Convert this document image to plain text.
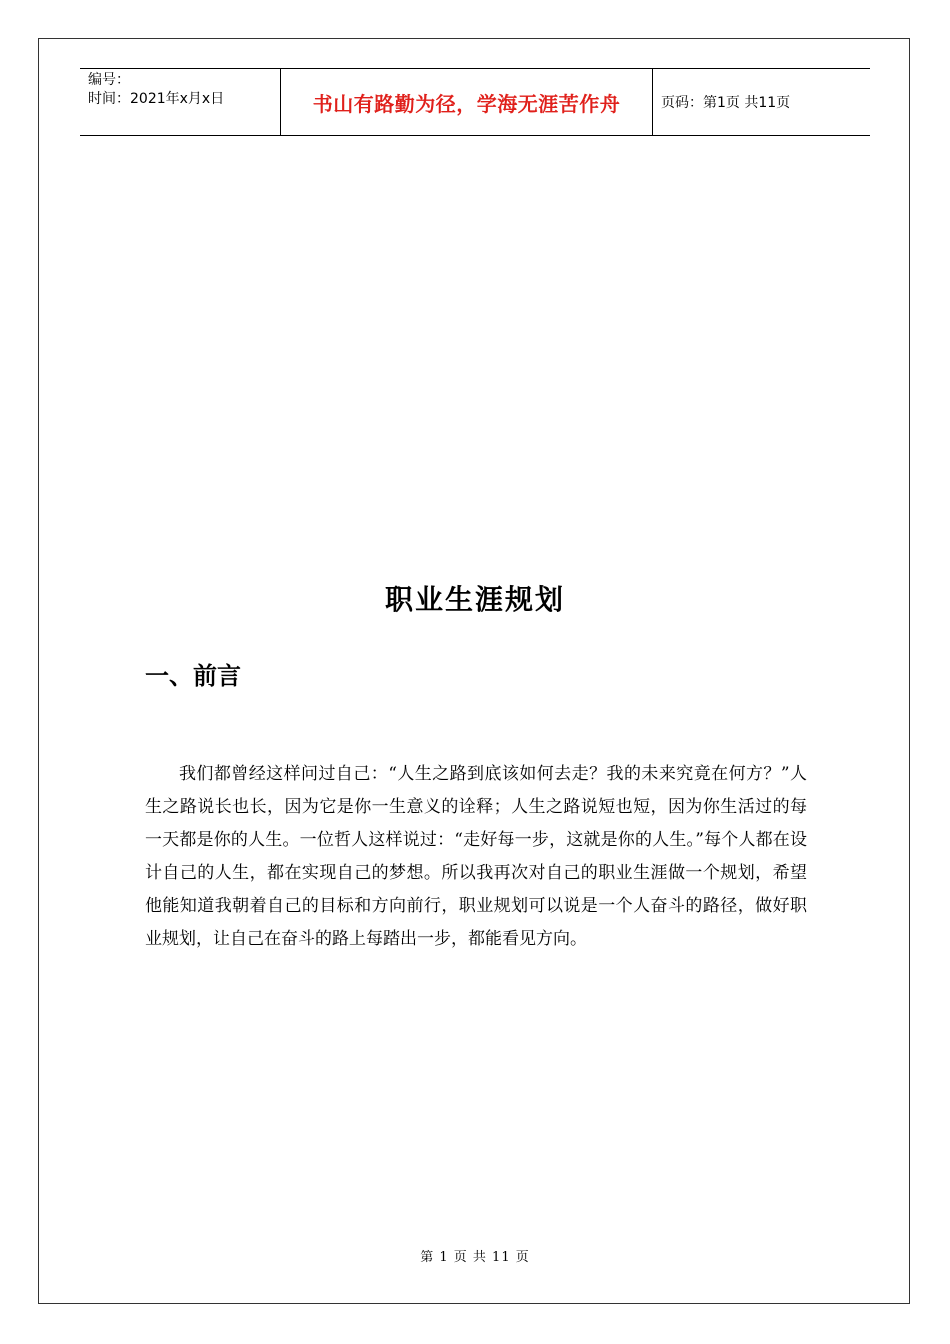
编号：
时间：2021年x月x日	书山有路勤为径，学海无涯苦作舟	页码：第1页 共11页
职业生涯规划
一、前言
我们都曾经这样问过自己：“人生之路到底该如何去走？我的未来究竟在何方？”人生之路说长也长，因为它是你一生意义的诠释；人生之路说短也短，因为你生活过的每一天都是你的人生。一位哲人这样说过：“走好每一步，这就是你的人生。”每个人都在设计自己的人生，都在实现自己的梦想。所以我再次对自己的职业生涯做一个规划，希望他能知道我朝着自己的目标和方向前行，职业规划可以说是一个人奋斗的路径，做好职业规划，让自己在奋斗的路上每踏出一步，都能看见方向。
第 1 页 共 11 页
